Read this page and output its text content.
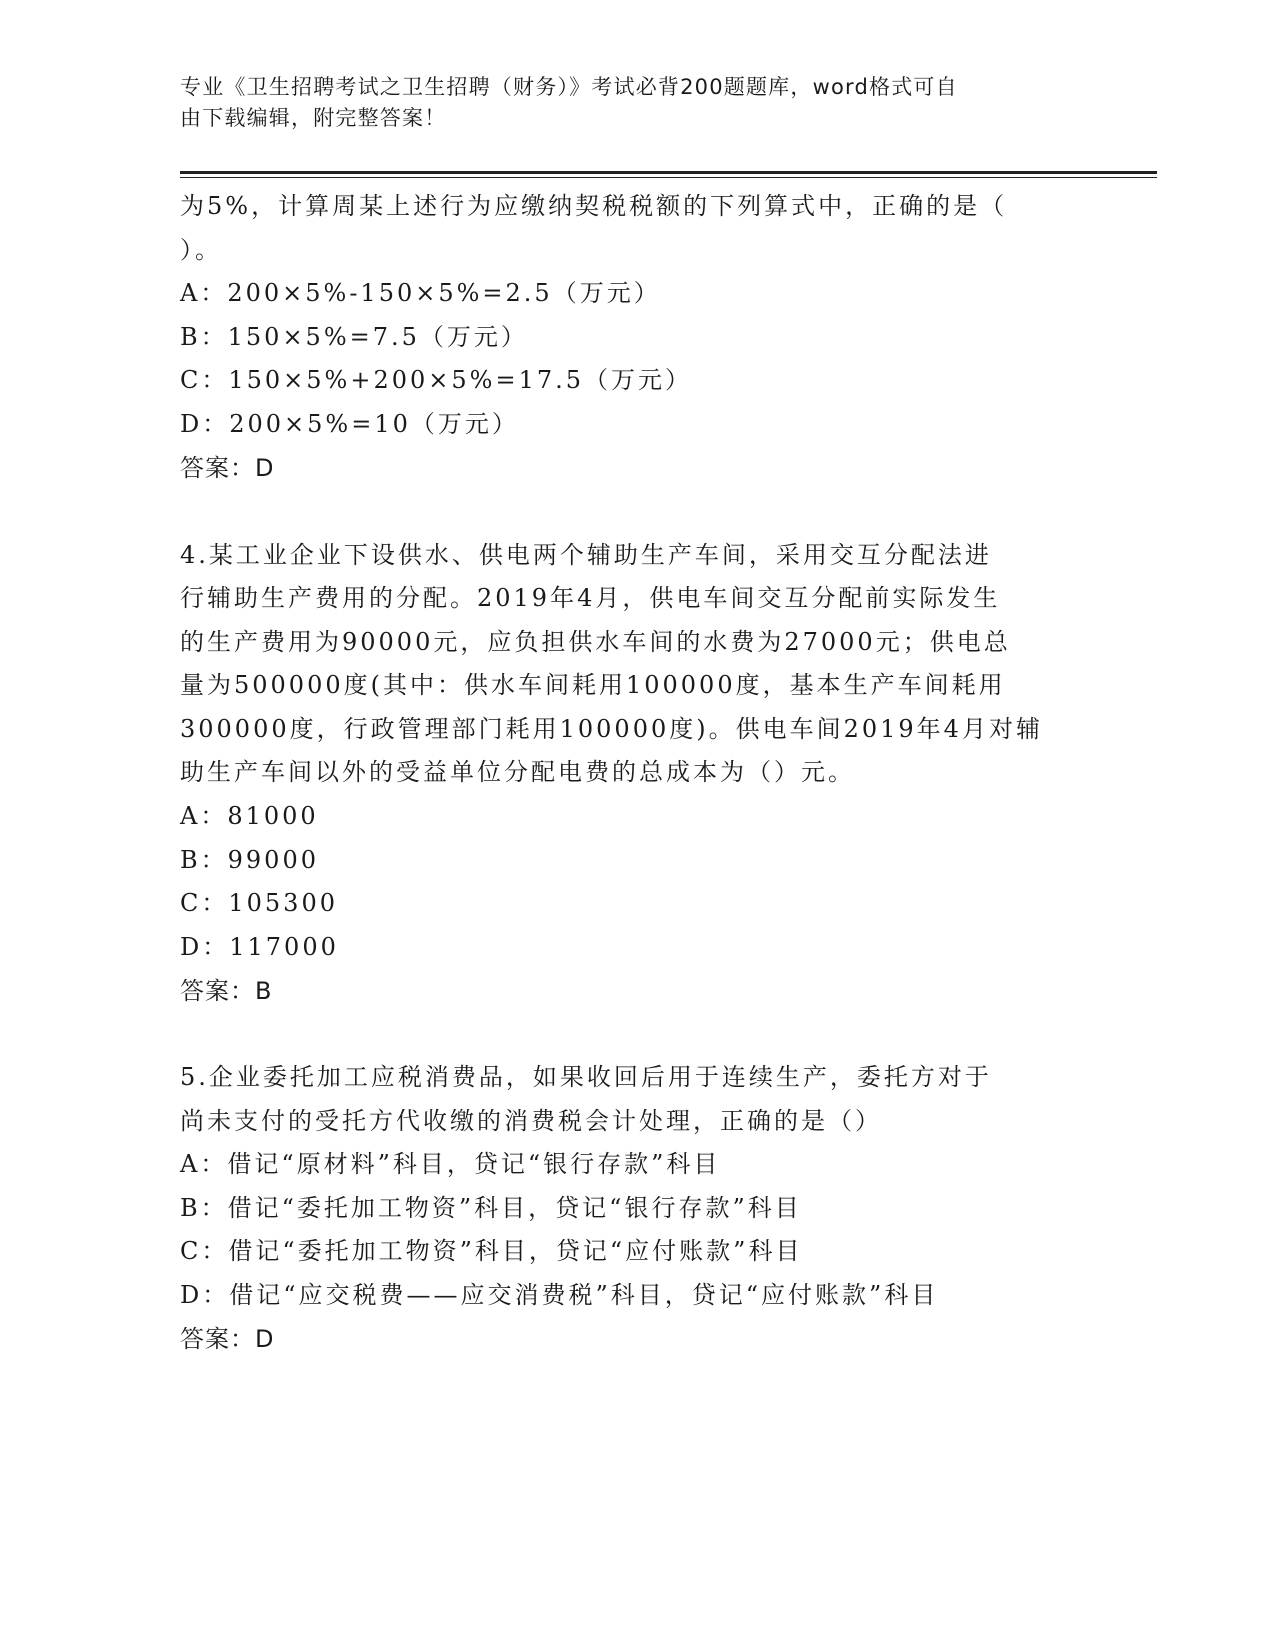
专业《卫生招聘考试之卫生招聘（财务）》考试必背200题题库，word格式可自
由下载编辑，附完整答案！
为5%，计算周某上述行为应缴纳契税税额的下列算式中，正确的是（
）。
A：200×5%-150×5%=2.5（万元）
B：150×5%=7.5（万元）
C：150×5%+200×5%=17.5（万元）
D：200×5%=10（万元）
答案：D
4.某工业企业下设供水、供电两个辅助生产车间，采用交互分配法进
行辅助生产费用的分配。2019年4月，供电车间交互分配前实际发生
的生产费用为90000元，应负担供水车间的水费为27000元；供电总
量为500000度(其中：供水车间耗用100000度，基本生产车间耗用
300000度，行政管理部门耗用100000度)。供电车间2019年4月对辅
助生产车间以外的受益单位分配电费的总成本为（）元。
A：81000
B：99000
C：105300
D：117000
答案：B
5.企业委托加工应税消费品，如果收回后用于连续生产，委托方对于
尚未支付的受托方代收缴的消费税会计处理，正确的是（）
A：借记“原材料”科目，贷记“银行存款”科目
B：借记“委托加工物资”科目，贷记“银行存款”科目
C：借记“委托加工物资”科目，贷记“应付账款”科目
D：借记“应交税费——应交消费税”科目，贷记“应付账款”科目
答案：D
